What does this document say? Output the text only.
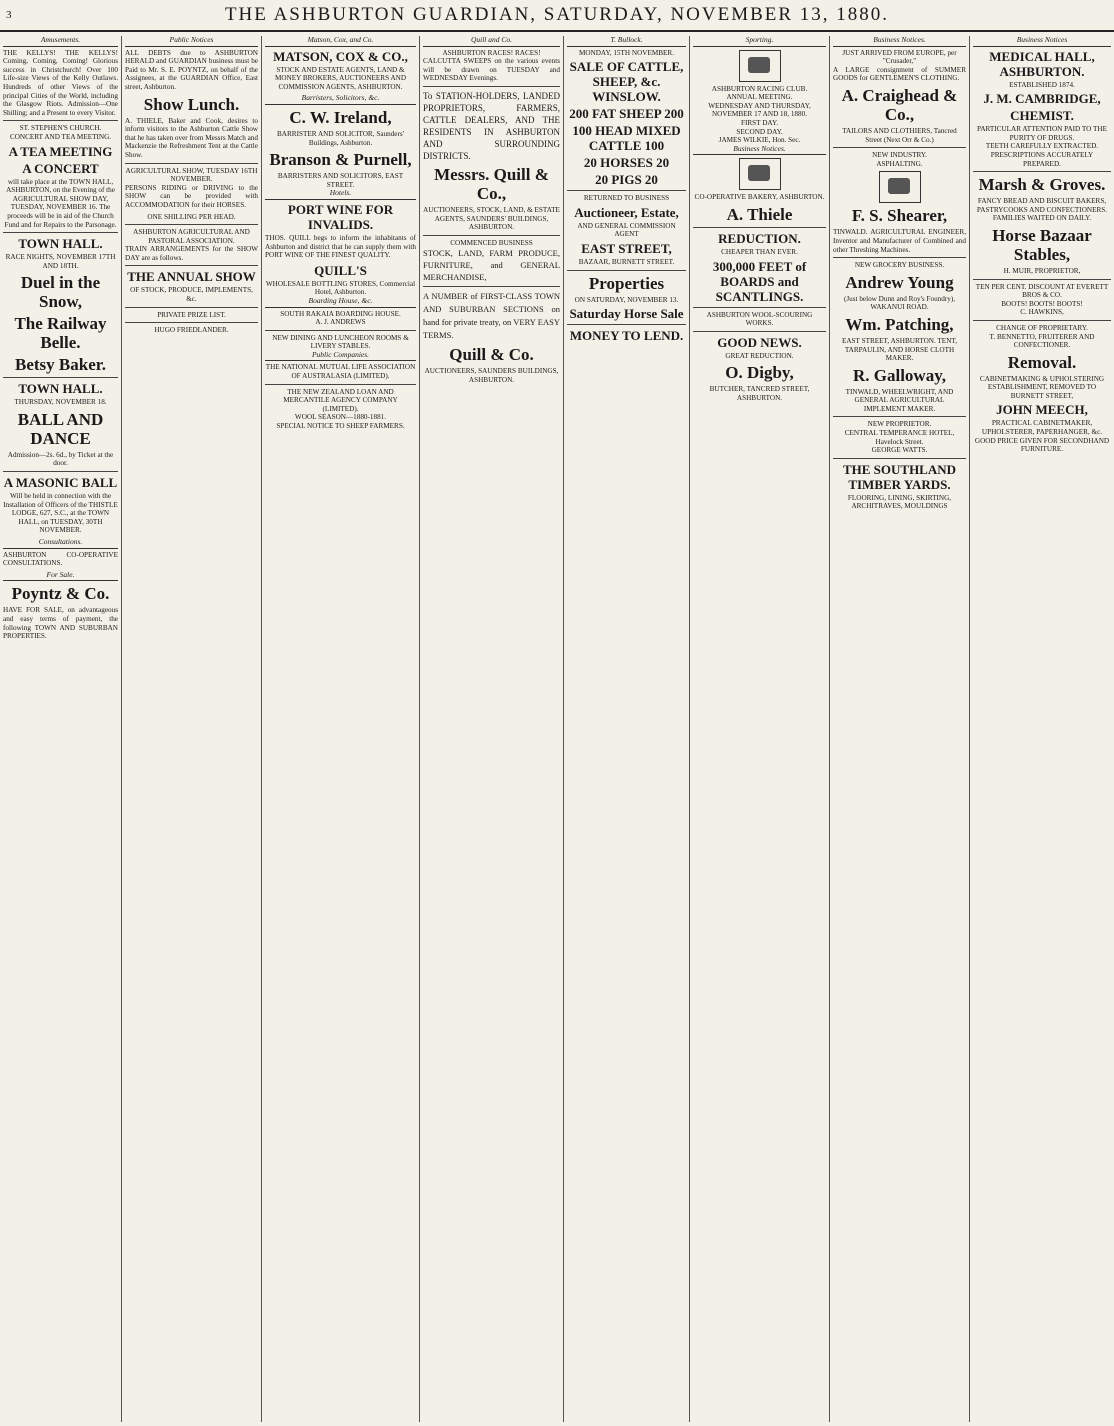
3	THE ASHBURTON GUARDIAN, SATURDAY, NOVEMBER 13, 1880.
Amusements.
THE KELLYS! THE KELLYS! Coming, Coming, Coming! Glorious success in Christchurch! Over 100 Life-size Views of the Kelly Outlaws. Hundreds of other Views of the principal Cities of the World, including the Glasgow Riots. Admission—One Shilling; and a Present to every Visitor.
ST. STEPHEN'S CHURCH.
CONCERT AND TEA MEETING.
A TEA MEETING
A CONCERT
will take place at the TOWN HALL, ASHBURTON, on the Evening of the AGRICULTURAL SHOW DAY, TUESDAY, NOVEMBER 16. The proceeds will be in aid of the Church Fund and for Repairs to the Parsonage.
TOWN HALL.
RACE NIGHTS, NOVEMBER 17TH AND 18TH.
Duel in the Snow,
The Railway Belle.
Betsy Baker.
TOWN HALL.
THURSDAY, NOVEMBER 18.
BALL AND DANCE
Admission—2s. 6d., by Ticket at the door.
A MASONIC BALL
Will be held in connection with the Installation of Officers of the THISTLE LODGE, 627, S.C., at the TOWN HALL, on TUESDAY, 30TH NOVEMBER.
Consultations.
ASHBURTON CO-OPERATIVE CONSULTATIONS.
For Sale.
Poyntz & Co.
HAVE FOR SALE, on advantageous and easy terms of payment, the following TOWN AND SUBURBAN PROPERTIES.
Public Notices
ALL DEBTS due to ASHBURTON HERALD and GUARDIAN business must be Paid to Mr. S. E. POYNTZ, on behalf of the Assignees, at the GUARDIAN Office, East street, Ashburton.
Show Lunch.
A. THIELE, Baker and Cook, desires to inform visitors to the Ashburton Cattle Show that he has taken over from Messrs Match and Mackenzie the Refreshment Tent at the Cattle Show.
AGRICULTURAL SHOW, TUESDAY 16TH NOVEMBER.
PERSONS RIDING or DRIVING to the SHOW can be provided with ACCOMMODATION for their HORSES.
ONE SHILLING PER HEAD.
ASHBURTON AGRICULTURAL AND PASTORAL ASSOCIATION.
TRAIN ARRANGEMENTS for the SHOW DAY are as follows.
THE ANNUAL SHOW
OF STOCK, PRODUCE, IMPLEMENTS, &c.
PRIVATE PRIZE LIST.
HUGO FRIEDLANDER.
Matson, Cox, and Co.
MATSON, COX & CO.,
STOCK AND ESTATE AGENTS, LAND & MONEY BROKERS, AUCTIONEERS AND COMMISSION AGENTS, ASHBURTON.
Barristers, Solicitors, &c.
C. W. Ireland,
BARRISTER AND SOLICITOR, Saunders' Buildings, Ashburton.
Branson & Purnell,
BARRISTERS AND SOLICITORS, EAST STREET.
Hotels.
PORT WINE FOR INVALIDS.
THOS. QUILL begs to inform the inhabitants of Ashburton and district that he can supply them with PORT WINE OF THE FINEST QUALITY.
QUILL'S
WHOLESALE BOTTLING STORES, Commercial Hotel, Ashburton.
Boarding House, &c.
SOUTH RAKAIA BOARDING HOUSE.
A. J. ANDREWS
NEW DINING AND LUNCHEON ROOMS & LIVERY STABLES.
Public Companies.
THE NATIONAL MUTUAL LIFE ASSOCIATION OF AUSTRALASIA (LIMITED).
THE NEW ZEALAND LOAN AND MERCANTILE AGENCY COMPANY (LIMITED).
WOOL SEASON—1880-1881.
SPECIAL NOTICE TO SHEEP FARMERS.
Quill and Co.
ASHBURTON RACES! RACES!
CALCUTTA SWEEPS on the various events will be drawn on TUESDAY and WEDNESDAY Evenings.
To STATION-HOLDERS, LANDED PROPRIETORS, FARMERS, CATTLE DEALERS, AND THE RESIDENTS IN ASHBURTON AND SURROUNDING DISTRICTS.
Messrs. Quill & Co.,
AUCTIONEERS, STOCK, LAND, & ESTATE AGENTS, SAUNDERS' BUILDINGS, ASHBURTON.
COMMENCED BUSINESS
STOCK, LAND, FARM PRODUCE, FURNITURE, and GENERAL MERCHANDISE,
A NUMBER of FIRST-CLASS TOWN AND SUBURBAN SECTIONS on hand for private treaty, on VERY EASY TERMS.
Quill & Co.
AUCTIONEERS, SAUNDERS BUILDINGS, ASHBURTON.
T. Bullock.
MONDAY, 15TH NOVEMBER.
SALE OF CATTLE, SHEEP, &c. WINSLOW.
200 FAT SHEEP 200
100 HEAD MIXED CATTLE 100
20 HORSES 20
20 PIGS 20
RETURNED TO BUSINESS
Auctioneer, Estate,
AND GENERAL COMMISSION AGENT
EAST STREET,
BAZAAR, BURNETT STREET.
Properties
ON SATURDAY, NOVEMBER 13.
Saturday Horse Sale
MONEY TO LEND.
Sporting.
ASHBURTON RACING CLUB.
ANNUAL MEETING.
WEDNESDAY AND THURSDAY, NOVEMBER 17 AND 18, 1880.
FIRST DAY.
SECOND DAY.
JAMES WILKIE, Hon. Sec.
Business Notices.
CO-OPERATIVE BAKERY, ASHBURTON.
A. Thiele
REDUCTION.
CHEAPER THAN EVER.
300,000 FEET of BOARDS and SCANTLINGS.
ASHBURTON WOOL-SCOURING WORKS.
GOOD NEWS.
GREAT REDUCTION.
O. Digby,
BUTCHER, TANCRED STREET, ASHBURTON.
Business Notices.
JUST ARRIVED FROM EUROPE, per "Crusader,"
A LARGE consignment of SUMMER GOODS for GENTLEMEN'S CLOTHING.
A. Craighead & Co.,
TAILORS AND CLOTHIERS, Tancred Street (Next Orr & Co.)
NEW INDUSTRY.
ASPHALTING.
F. S. Shearer,
TINWALD. AGRICULTURAL ENGINEER, Inventor and Manufacturer of Combined and other Threshing Machines.
NEW GROCERY BUSINESS.
Andrew Young
(Just below Dunn and Roy's Foundry), WAKANUI ROAD.
Wm. Patching,
EAST STREET, ASHBURTON. TENT, TARPAULIN, AND HORSE CLOTH MAKER.
R. Galloway,
TINWALD, WHEELWRIGHT, AND GENERAL AGRICULTURAL IMPLEMENT MAKER.
NEW PROPRIETOR.
CENTRAL TEMPERANCE HOTEL, Havelock Street.
GEORGE WATTS.
THE SOUTHLAND TIMBER YARDS.
FLOORING, LINING, SKIRTING, ARCHITRAVES, MOULDINGS
Business Notices
MEDICAL HALL, ASHBURTON.
ESTABLISHED 1874.
J. M. CAMBRIDGE,
CHEMIST.
PARTICULAR ATTENTION PAID TO THE PURITY OF DRUGS.
TEETH CAREFULLY EXTRACTED.
PRESCRIPTIONS ACCURATELY PREPARED.
Marsh & Groves.
FANCY BREAD AND BISCUIT BAKERS, PASTRYCOOKS AND CONFECTIONERS.
FAMILIES WAITED ON DAILY.
Horse Bazaar Stables,
H. MUIR, PROPRIETOR,
TEN PER CENT. DISCOUNT AT EVERETT BROS & CO.
BOOTS! BOOTS! BOOTS!
C. HAWKINS,
CHANGE OF PROPRIETARY.
T. BENNETTO, FRUITERER AND CONFECTIONER.
Removal.
CABINETMAKING & UPHOLSTERING ESTABLISHMENT, REMOVED TO BURNETT STREET,
JOHN MEECH,
PRACTICAL CABINETMAKER, UPHOLSTERER, PAPERHANGER, &c.
GOOD PRICE GIVEN FOR SECONDHAND FURNITURE.
